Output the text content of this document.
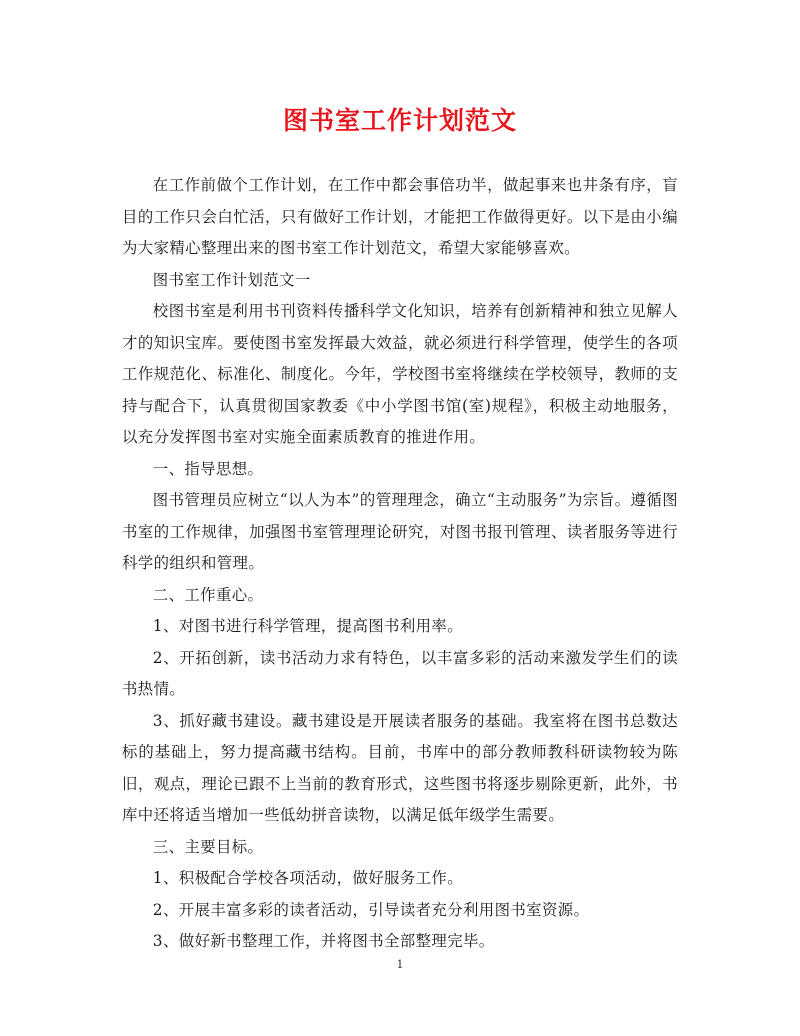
图书室工作计划范文

在工作前做个工作计划，在工作中都会事倍功半，做起事来也井条有序，盲目的工作只会白忙活，只有做好工作计划，才能把工作做得更好。以下是由小编为大家精心整理出来的图书室工作计划范文，希望大家能够喜欢。

图书室工作计划范文一

校图书室是利用书刊资料传播科学文化知识，培养有创新精神和独立见解人才的知识宝库。要使图书室发挥最大效益，就必须进行科学管理，使学生的各项工作规范化、标准化、制度化。今年，学校图书室将继续在学校领导，教师的支持与配合下，认真贯彻国家教委《中小学图书馆(室)规程》，积极主动地服务，以充分发挥图书室对实施全面素质教育的推进作用。

一、指导思想。

图书管理员应树立“以人为本”的管理理念，确立“主动服务”为宗旨。遵循图书室的工作规律，加强图书室管理理论研究，对图书报刊管理、读者服务等进行科学的组织和管理。

二、工作重心。

1、对图书进行科学管理，提高图书利用率。

2、开拓创新，读书活动力求有特色，以丰富多彩的活动来激发学生们的读书热情。

3、抓好藏书建设。藏书建设是开展读者服务的基础。我室将在图书总数达标的基础上，努力提高藏书结构。目前，书库中的部分教师教科研读物较为陈旧，观点，理论已跟不上当前的教育形式，这些图书将逐步剔除更新，此外，书库中还将适当增加一些低幼拼音读物，以满足低年级学生需要。

三、主要目标。

1、积极配合学校各项活动，做好服务工作。

2、开展丰富多彩的读者活动，引导读者充分利用图书室资源。

3、做好新书整理工作，并将图书全部整理完毕。

1
